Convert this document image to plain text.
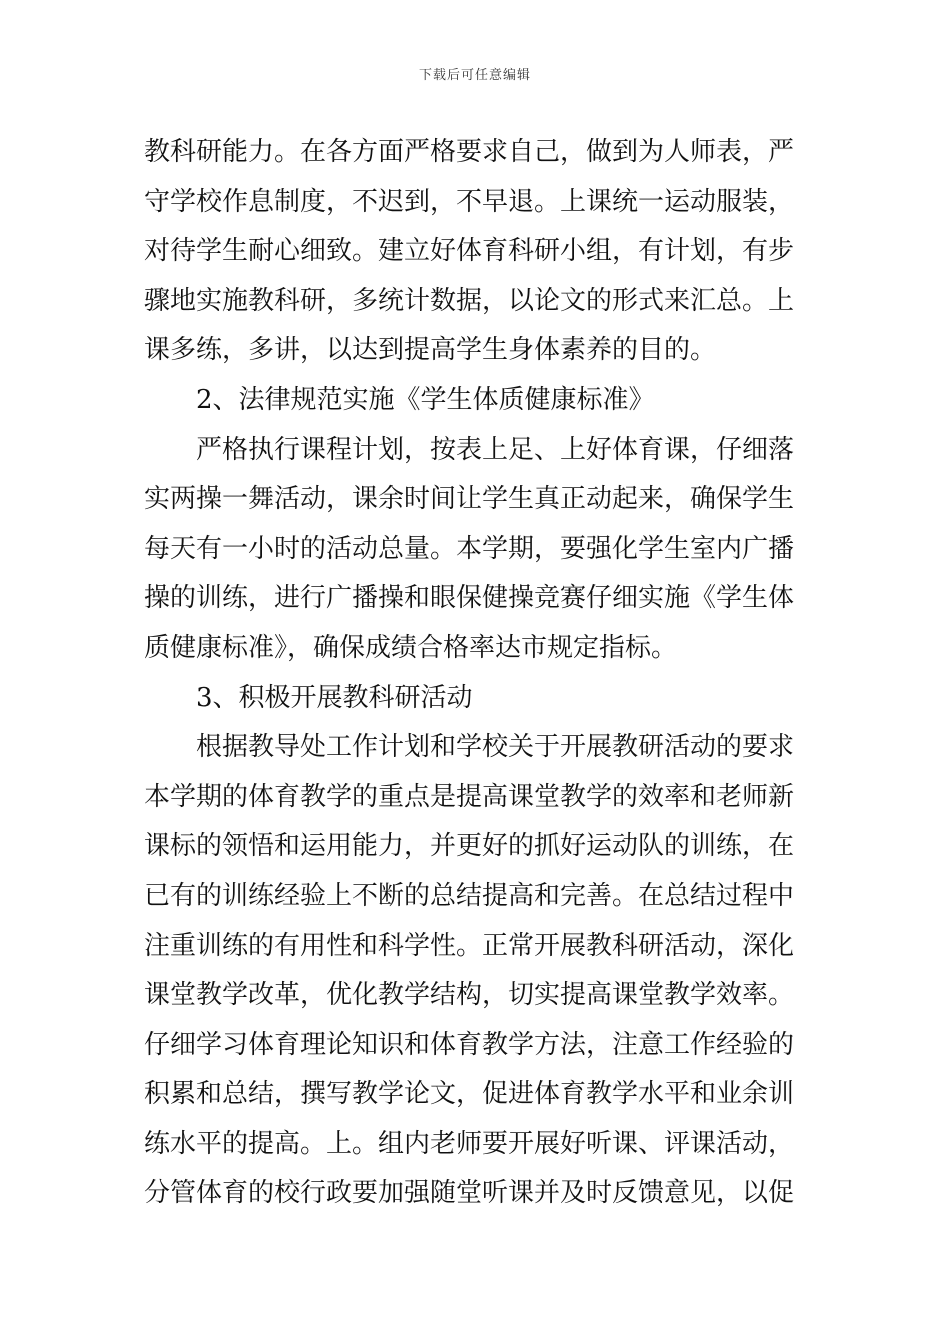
下载后可任意编辑
教科研能力。在各方面严格要求自己，做到为人师表，严
守学校作息制度，不迟到，不早退。上课统一运动服装，
对待学生耐心细致。建立好体育科研小组，有计划，有步
骤地实施教科研，多统计数据，以论文的形式来汇总。上
课多练，多讲，以达到提高学生身体素养的目的。
2、法律规范实施《学生体质健康标准》
严格执行课程计划，按表上足、上好体育课，仔细落
实两操一舞活动，课余时间让学生真正动起来，确保学生
每天有一小时的活动总量。本学期，要强化学生室内广播
操的训练，进行广播操和眼保健操竞赛仔细实施《学生体
质健康标准》，确保成绩合格率达市规定指标。
3、积极开展教科研活动
根据教导处工作计划和学校关于开展教研活动的要求
本学期的体育教学的重点是提高课堂教学的效率和老师新
课标的领悟和运用能力，并更好的抓好运动队的训练，在
已有的训练经验上不断的总结提高和完善。在总结过程中
注重训练的有用性和科学性。正常开展教科研活动，深化
课堂教学改革，优化教学结构，切实提高课堂教学效率。
仔细学习体育理论知识和体育教学方法，注意工作经验的
积累和总结，撰写教学论文，促进体育教学水平和业余训
练水平的提高。上。组内老师要开展好听课、评课活动，
分管体育的校行政要加强随堂听课并及时反馈意见，以促
